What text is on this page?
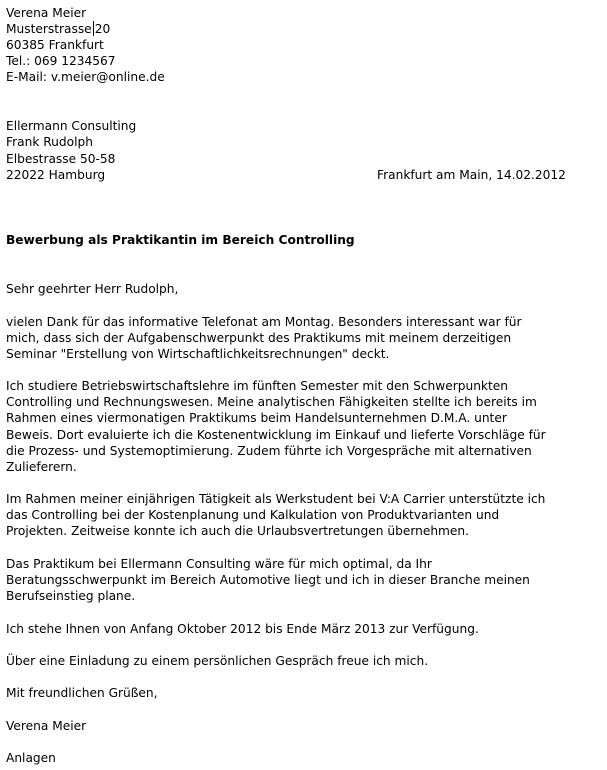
Verena Meier
Musterstrasse 20
60385 Frankfurt
Tel.: 069 1234567
E-Mail: v.meier@online.de
Ellermann Consulting
Frank Rudolph
Elbestrasse 50-58
22022 Hamburg	Frankfurt am Main, 14.02.2012
Bewerbung als Praktikantin im Bereich Controlling
Sehr geehrter Herr Rudolph,
vielen Dank für das informative Telefonat am Montag. Besonders interessant war für
mich, dass sich der Aufgabenschwerpunkt des Praktikums mit meinem derzeitigen
Seminar "Erstellung von Wirtschaftlichkeitsrechnungen" deckt.
Ich studiere Betriebswirtschaftslehre im fünften Semester mit den Schwerpunkten
Controlling und Rechnungswesen. Meine analytischen Fähigkeiten stellte ich bereits im
Rahmen eines viermonatigen Praktikums beim Handelsunternehmen D.M.A. unter
Beweis. Dort evaluierte ich die Kostenentwicklung im Einkauf und lieferte Vorschläge für
die Prozess- und Systemoptimierung. Zudem führte ich Vorgespräche mit alternativen
Zulieferern.
Im Rahmen meiner einjährigen Tätigkeit als Werkstudent bei V:A Carrier unterstützte ich
das Controlling bei der Kostenplanung und Kalkulation von Produktvarianten und
Projekten. Zeitweise konnte ich auch die Urlaubsvertretungen übernehmen.
Das Praktikum bei Ellermann Consulting wäre für mich optimal, da Ihr
Beratungsschwerpunkt im Bereich Automotive liegt und ich in dieser Branche meinen
Berufseinstieg plane.
Ich stehe Ihnen von Anfang Oktober 2012 bis Ende März 2013 zur Verfügung.
Über eine Einladung zu einem persönlichen Gespräch freue ich mich.
Mit freundlichen Grüßen,
Verena Meier
Anlagen
